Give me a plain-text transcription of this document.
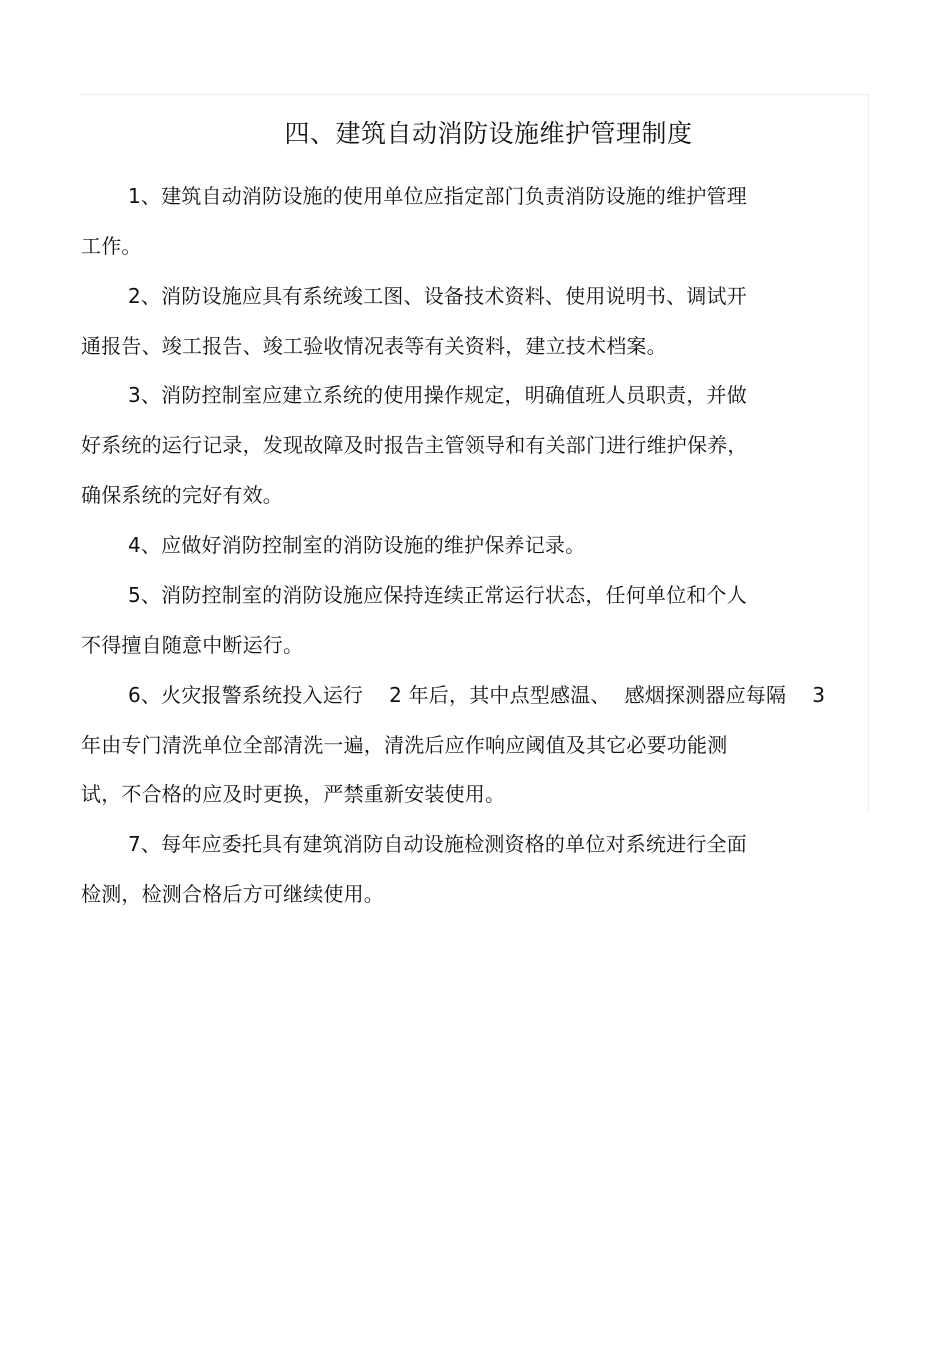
四、建筑自动消防设施维护管理制度
1、建筑自动消防设施的使用单位应指定部门负责消防设施的维护管理
工作。
2、消防设施应具有系统竣工图、设备技术资料、使用说明书、调试开
通报告、竣工报告、竣工验收情况表等有关资料，建立技术档案。
3、消防控制室应建立系统的使用操作规定，明确值班人员职责，并做
好系统的运行记录，发现故障及时报告主管领导和有关部门进行维护保养，
确保系统的完好有效。
4、应做好消防控制室的消防设施的维护保养记录。
5、消防控制室的消防设施应保持连续正常运行状态，任何单位和个人
不得擅自随意中断运行。
6、火灾报警系统投入运行 2 年后，其中点型感温、 感烟探测器应每隔 3
年由专门清洗单位全部清洗一遍，清洗后应作响应阈值及其它必要功能测
试，不合格的应及时更换，严禁重新安装使用。
7、每年应委托具有建筑消防自动设施检测资格的单位对系统进行全面
检测，检测合格后方可继续使用。
